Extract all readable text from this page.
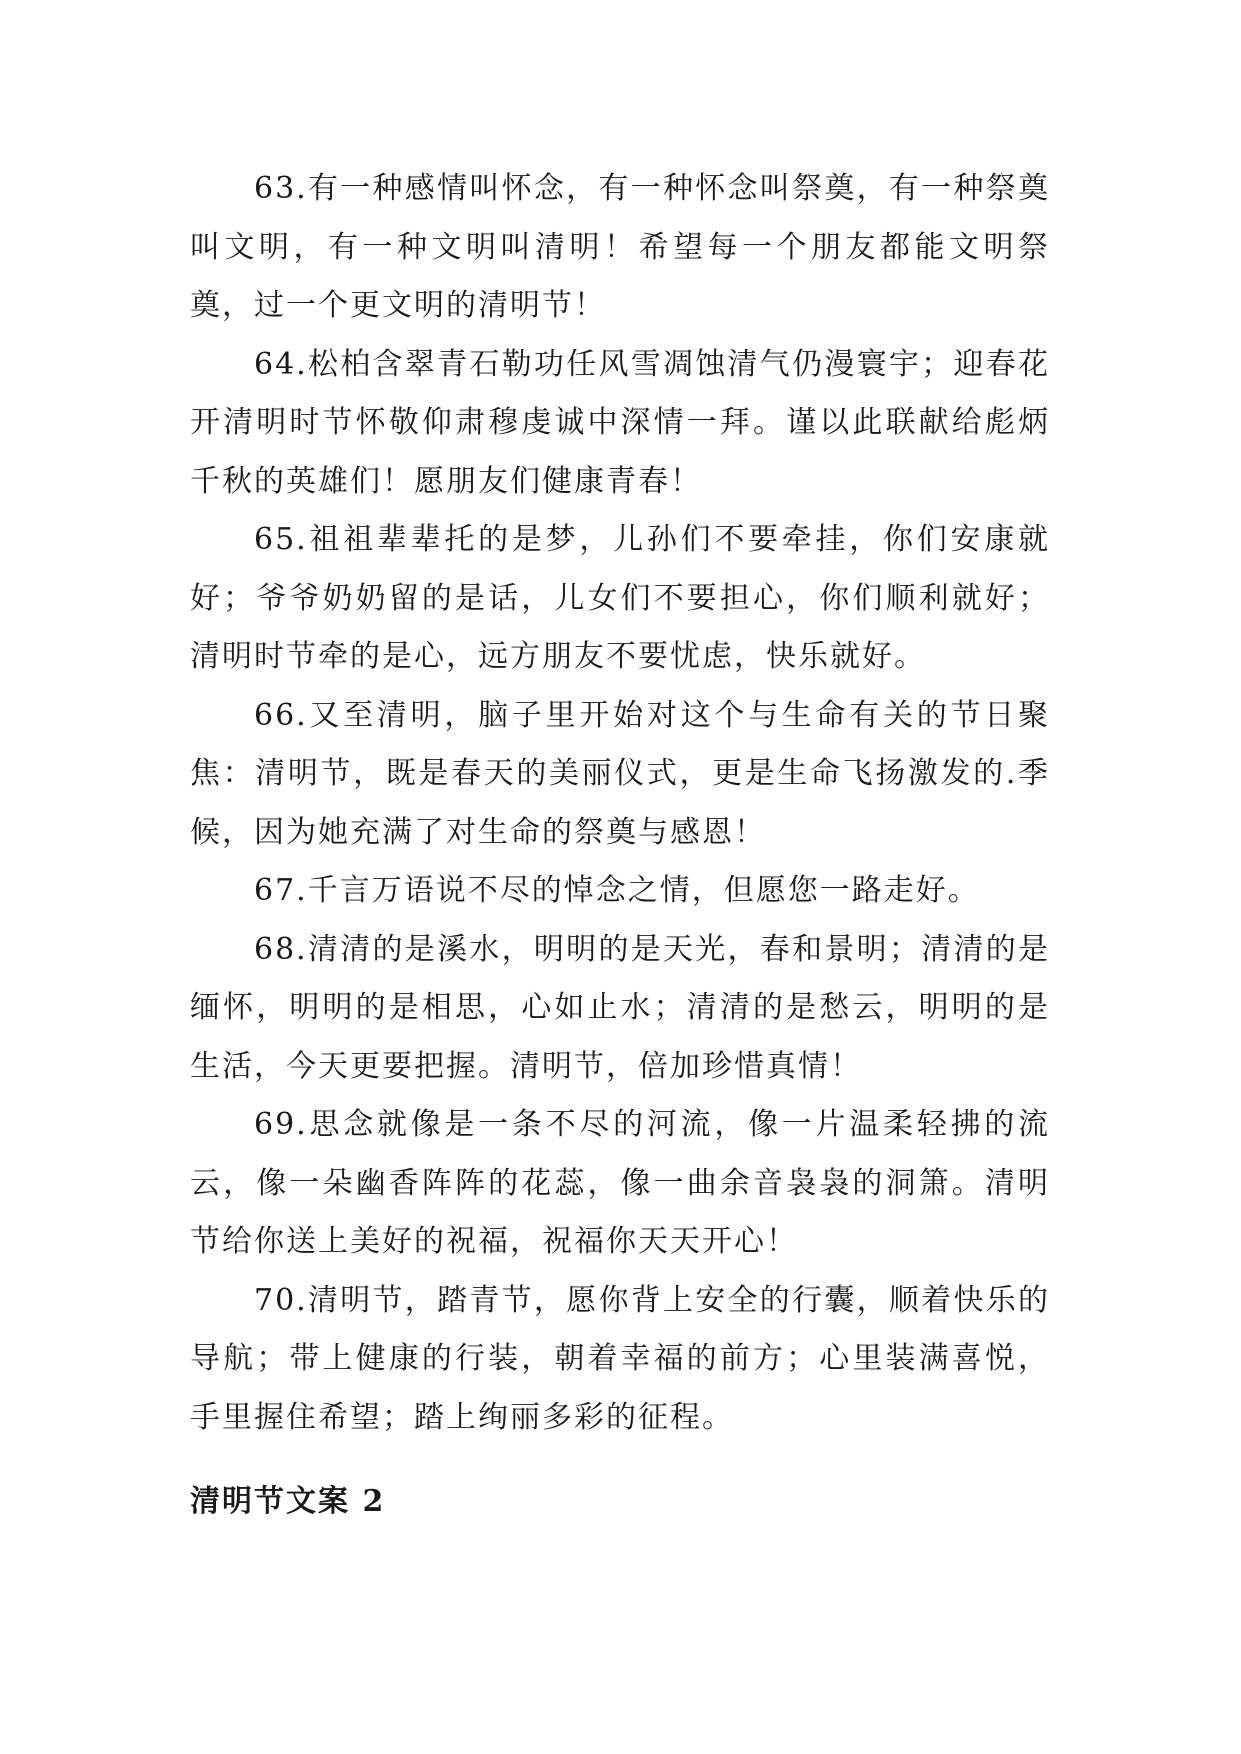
63.有一种感情叫怀念，有一种怀念叫祭奠，有一种祭奠叫文明，有一种文明叫清明！希望每一个朋友都能文明祭奠，过一个更文明的清明节！

64.松柏含翠青石勒功任风雪凋蚀清气仍漫寰宇；迎春花开清明时节怀敬仰肃穆虔诚中深情一拜。谨以此联献给彪炳千秋的英雄们！愿朋友们健康青春！

65.祖祖辈辈托的是梦，儿孙们不要牵挂，你们安康就好；爷爷奶奶留的是话，儿女们不要担心，你们顺利就好；清明时节牵的是心，远方朋友不要忧虑，快乐就好。

66.又至清明，脑子里开始对这个与生命有关的节日聚焦：清明节，既是春天的美丽仪式，更是生命飞扬激发的.季候，因为她充满了对生命的祭奠与感恩！

67.千言万语说不尽的悼念之情，但愿您一路走好。

68.清清的是溪水，明明的是天光，春和景明；清清的是缅怀，明明的是相思，心如止水；清清的是愁云，明明的是生活，今天更要把握。清明节，倍加珍惜真情！

69.思念就像是一条不尽的河流，像一片温柔轻拂的流云，像一朵幽香阵阵的花蕊，像一曲余音袅袅的洞箫。清明节给你送上美好的祝福，祝福你天天开心！

70.清明节，踏青节，愿你背上安全的行囊，顺着快乐的导航；带上健康的行装，朝着幸福的前方；心里装满喜悦，手里握住希望；踏上绚丽多彩的征程。

清明节文案 2
